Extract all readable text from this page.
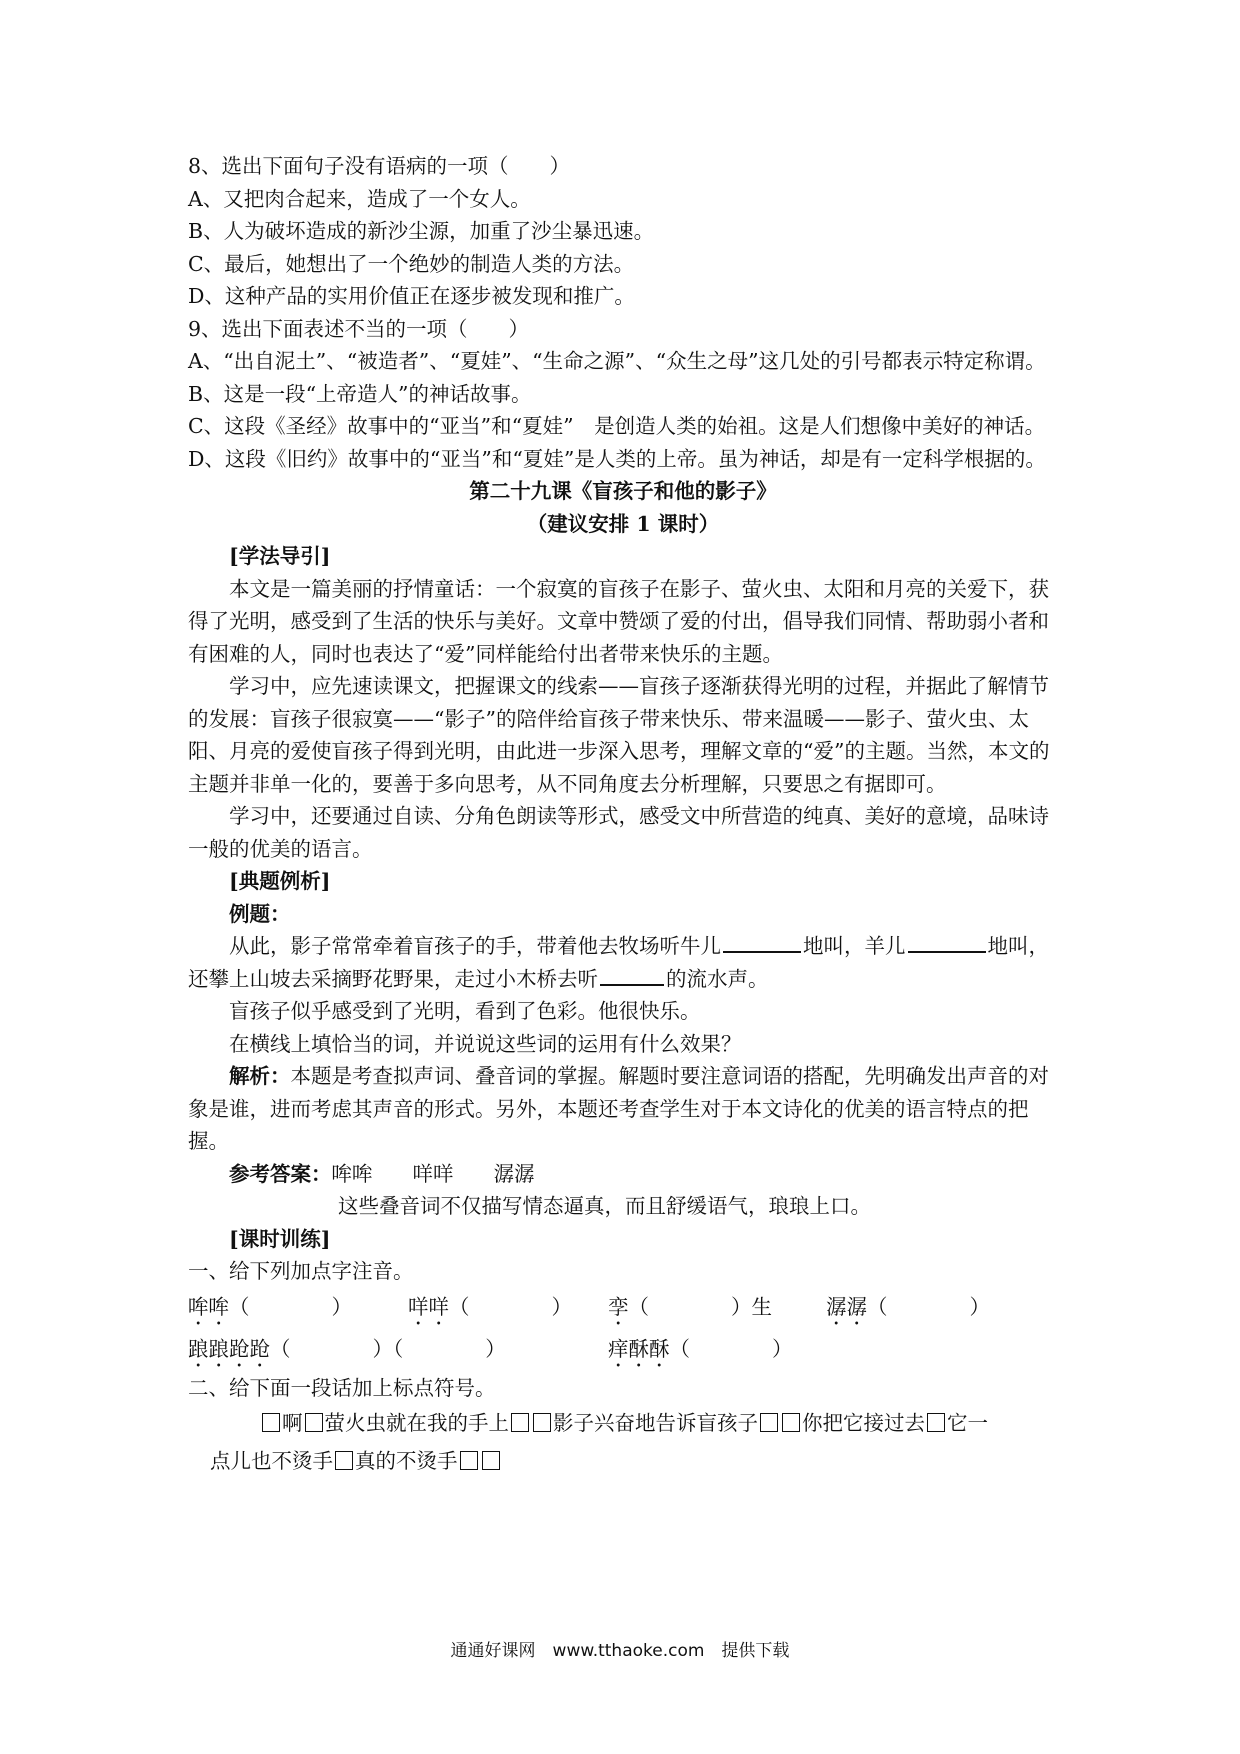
8、选出下面句子没有语病的一项（　　）

A、又把肉合起来，造成了一个女人。

B、人为破坏造成的新沙尘源，加重了沙尘暴迅速。

C、最后，她想出了一个绝妙的制造人类的方法。

D、这种产品的实用价值正在逐步被发现和推广。

9、选出下面表述不当的一项（　　）

A、“出自泥土”、“被造者”、“夏娃”、“生命之源”、“众生之母”这几处的引号都表示特定称谓。

B、这是一段“上帝造人”的神话故事。

C、这段《圣经》故事中的“亚当”和“夏娃”　是创造人类的始祖。这是人们想像中美好的神话。

D、这段《旧约》故事中的“亚当”和“夏娃”是人类的上帝。虽为神话，却是有一定科学根据的。

第二十九课《盲孩子和他的影子》

（建议安排 1 课时）

[学法导引]

本文是一篇美丽的抒情童话：一个寂寞的盲孩子在影子、萤火虫、太阳和月亮的关爱下，获得了光明，感受到了生活的快乐与美好。文章中赞颂了爱的付出，倡导我们同情、帮助弱小者和有困难的人，同时也表达了“爱”同样能给付出者带来快乐的主题。

学习中，应先速读课文，把握课文的线索——盲孩子逐渐获得光明的过程，并据此了解情节的发展：盲孩子很寂寞——“影子”的陪伴给盲孩子带来快乐、带来温暖——影子、萤火虫、太阳、月亮的爱使盲孩子得到光明，由此进一步深入思考，理解文章的“爱”的主题。当然，本文的主题并非单一化的，要善于多向思考，从不同角度去分析理解，只要思之有据即可。

学习中，还要通过自读、分角色朗读等形式，感受文中所营造的纯真、美好的意境，品味诗一般的优美的语言。

[典题例析]

例题：

从此，影子常常牵着盲孩子的手，带着他去牧场听牛儿	地叫，羊儿	地叫，还攀上山坡去采摘野花野果，走过小木桥去听	的流水声。

盲孩子似乎感受到了光明，看到了色彩。他很快乐。

在横线上填恰当的词，并说说这些词的运用有什么效果？

解析：本题是考查拟声词、叠音词的掌握。解题时要注意词语的搭配，先明确发出声音的对象是谁，进而考虑其声音的形式。另外，本题还考查学生对于本文诗化的优美的语言特点的把握。

参考答案：哞哞 咩咩 潺潺

这些叠音词不仅描写情态逼真，而且舒缓语气，琅琅上口。

[课时训练]

一、给下列加点字注音。

哞哞（　　　　）	咩咩（　　　　）	孪（　　　　）生	潺潺（　　　　）
踉踉跄跄（　　　　）（　　　　）	痒酥酥（　　　　）

二、给下面一段话加上标点符号。

啊 萤火虫就在我的手上 影子兴奋地告诉盲孩子 你把它接过去 它一

点儿也不烫手 真的不烫手

通通好课网　www.tthaoke.com　提供下载
